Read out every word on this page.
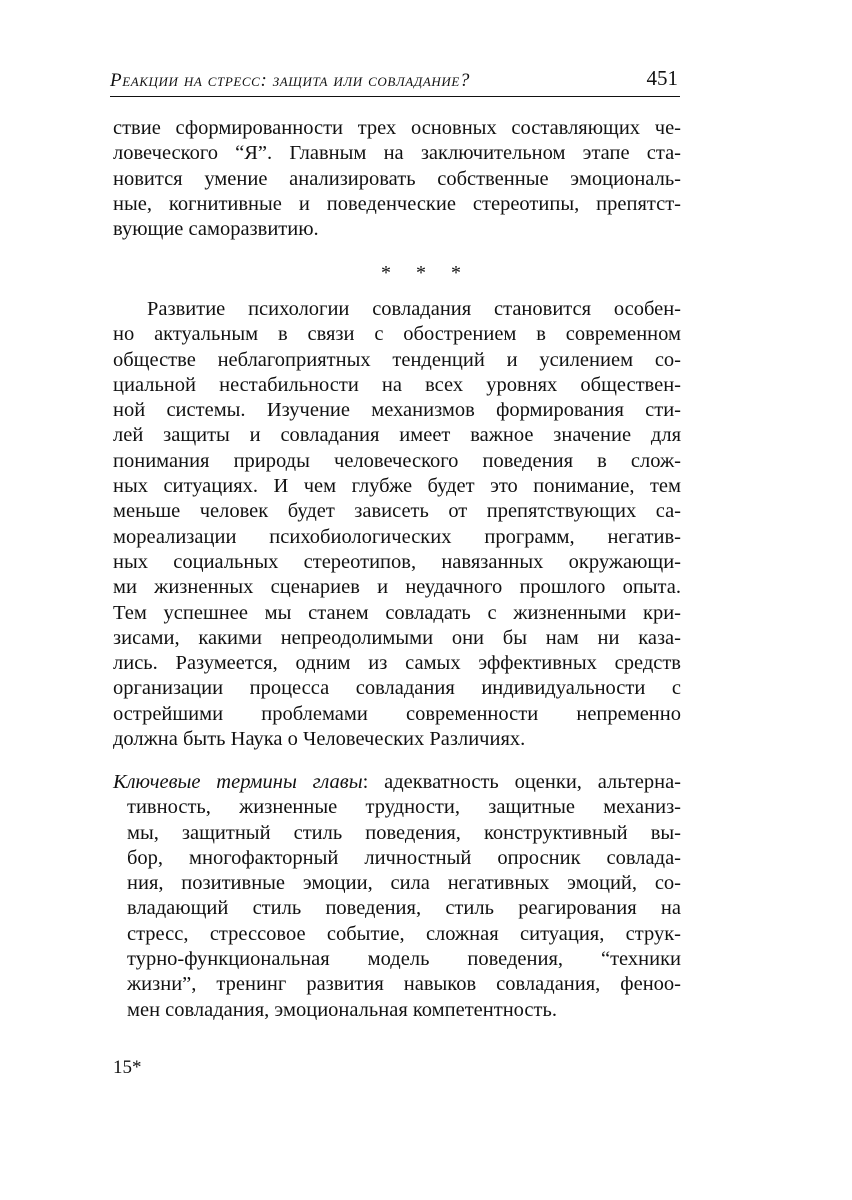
Реакции на стресс: защита или совладание?	451
ствие сформированности трех основных составляющих че-
ловеческого “Я”. Главным на заключительном этапе ста-
новится умение анализировать собственные эмоциональ-
ные, когнитивные и поведенческие стереотипы, препятст-
вующие саморазвитию.
* * *
Развитие психологии совладания становится особен-
но актуальным в связи с обострением в современном
обществе неблагоприятных тенденций и усилением со-
циальной нестабильности на всех уровнях обществен-
ной системы. Изучение механизмов формирования сти-
лей защиты и совладания имеет важное значение для
понимания природы человеческого поведения в слож-
ных ситуациях. И чем глубже будет это понимание, тем
меньше человек будет зависеть от препятствующих са-
мореализации психобиологических программ, негатив-
ных социальных стереотипов, навязанных окружающи-
ми жизненных сценариев и неудачного прошлого опыта.
Тем успешнее мы станем совладать с жизненными кри-
зисами, какими непреодолимыми они бы нам ни каза-
лись. Разумеется, одним из самых эффективных средств
организации процесса совладания индивидуальности с
острейшими проблемами современности непременно
должна быть Наука о Человеческих Различиях.
Ключевые термины главы: адекватность оценки, альтерна-
тивность, жизненные трудности, защитные механиз-
мы, защитный стиль поведения, конструктивный вы-
бор, многофакторный личностный опросник совлада-
ния, позитивные эмоции, сила негативных эмоций, со-
владающий стиль поведения, стиль реагирования на
стресс, стрессовое событие, сложная ситуация, струк-
турно-функциональная модель поведения, “техники
жизни”, тренинг развития навыков совладания, феноо-
мен совладания, эмоциональная компетентность.
15*
